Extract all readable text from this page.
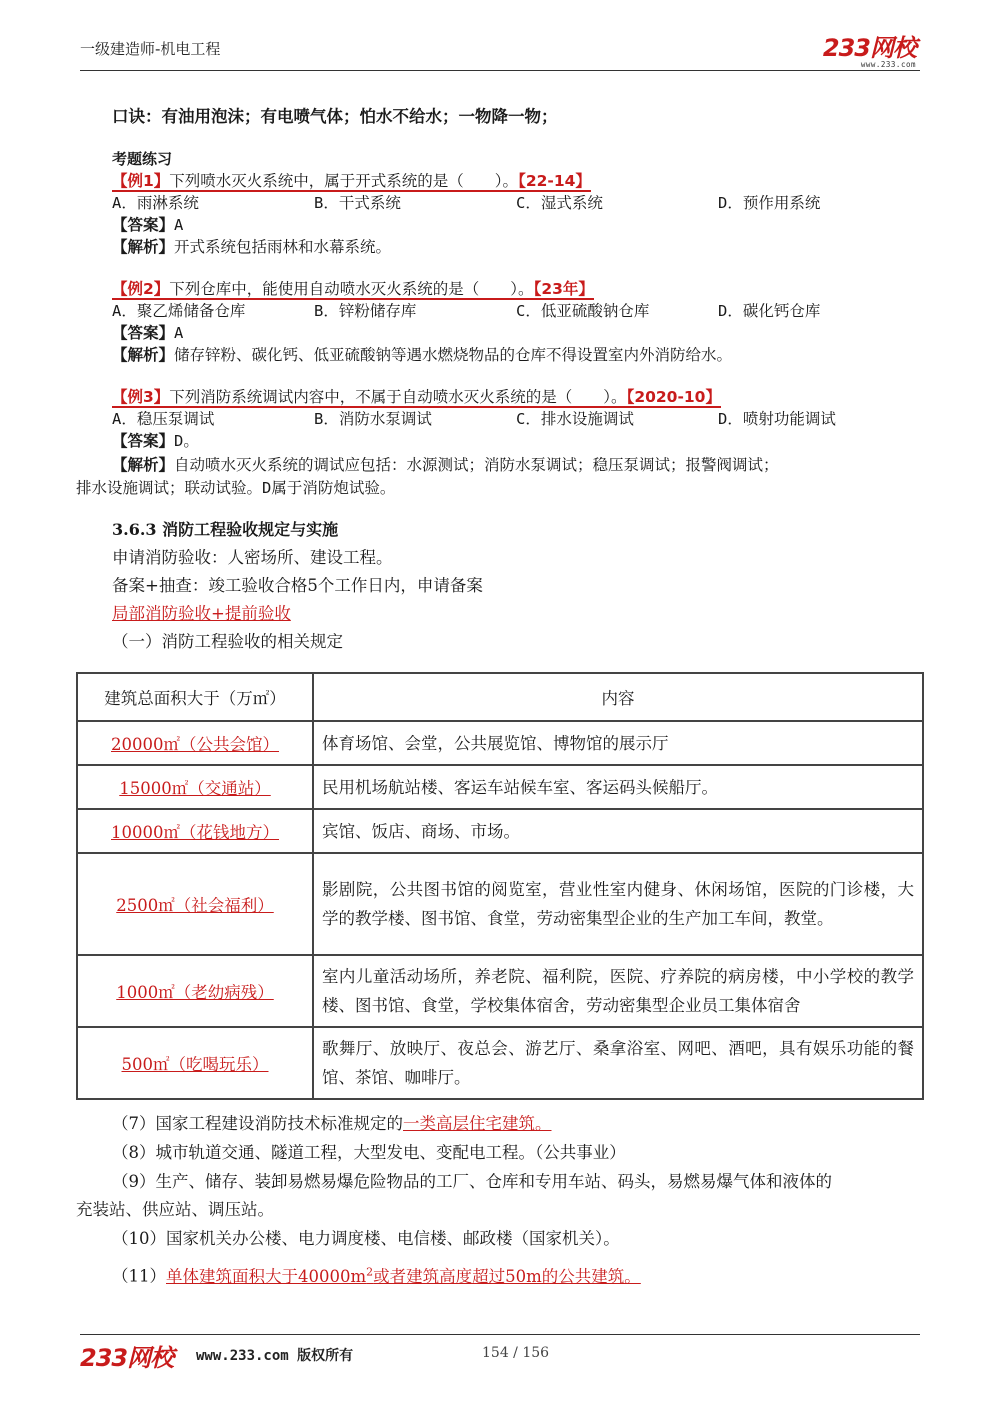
一级建造师-机电工程	233网校
www.233.com
口诀：有油用泡沫；有电喷气体；怕水不给水；一物降一物；
考题练习
【例1】下列喷水灭火系统中，属于开式系统的是（　　）。【22-14】
A．雨淋系统	B．干式系统	C．湿式系统	D．预作用系统
【答案】A
【解析】开式系统包括雨林和水幕系统。
【例2】下列仓库中，能使用自动喷水灭火系统的是（　　）。【23年】
A．聚乙烯储备仓库	B．锌粉储存库	C．低亚硫酸钠仓库	D．碳化钙仓库
【答案】A
【解析】储存锌粉、碳化钙、低亚硫酸钠等遇水燃烧物品的仓库不得设置室内外消防给水。
【例3】下列消防系统调试内容中，不属于自动喷水灭火系统的是（　　）。【2020-10】
A．稳压泵调试	B．消防水泵调试	C．排水设施调试	D．喷射功能调试
【答案】D。
【解析】自动喷水灭火系统的调试应包括：水源测试；消防水泵调试；稳压泵调试；报警阀调试；
排水设施调试；联动试验。D属于消防炮试验。
3.6.3 消防工程验收规定与实施
申请消防验收：人密场所、建设工程。
备案+抽查：竣工验收合格5个工作日内，申请备案
局部消防验收+提前验收
（一）消防工程验收的相关规定
建筑总面积大于（万㎡）	内容
20000㎡（公共会馆）	体育场馆、会堂，公共展览馆、博物馆的展示厅
15000㎡（交通站）	民用机场航站楼、客运车站候车室、客运码头候船厅。
10000㎡（花钱地方）	宾馆、饭店、商场、市场。
2500㎡（社会福利）	影剧院，公共图书馆的阅览室，营业性室内健身、休闲场馆，医院的门诊楼，大学的教学楼、图书馆、食堂，劳动密集型企业的生产加工车间，教堂。
1000㎡（老幼病残）	室内儿童活动场所，养老院、福利院，医院、疗养院的病房楼，中小学校的教学楼、图书馆、食堂，学校集体宿舍，劳动密集型企业员工集体宿舍
500㎡（吃喝玩乐）	歌舞厅、放映厅、夜总会、游艺厅、桑拿浴室、网吧、酒吧，具有娱乐功能的餐馆、茶馆、咖啡厅。
（7）国家工程建设消防技术标准规定的一类高层住宅建筑。
（8）城市轨道交通、隧道工程，大型发电、变配电工程。（公共事业）
（9）生产、储存、装卸易燃易爆危险物品的工厂、仓库和专用车站、码头，易燃易爆气体和液体的
充装站、供应站、调压站。
（10）国家机关办公楼、电力调度楼、电信楼、邮政楼（国家机关）。
（11）单体建筑面积大于$40000m^2$或者建筑高度超过50m的公共建筑。
233网校 www.233.com 版权所有	154 / 156
